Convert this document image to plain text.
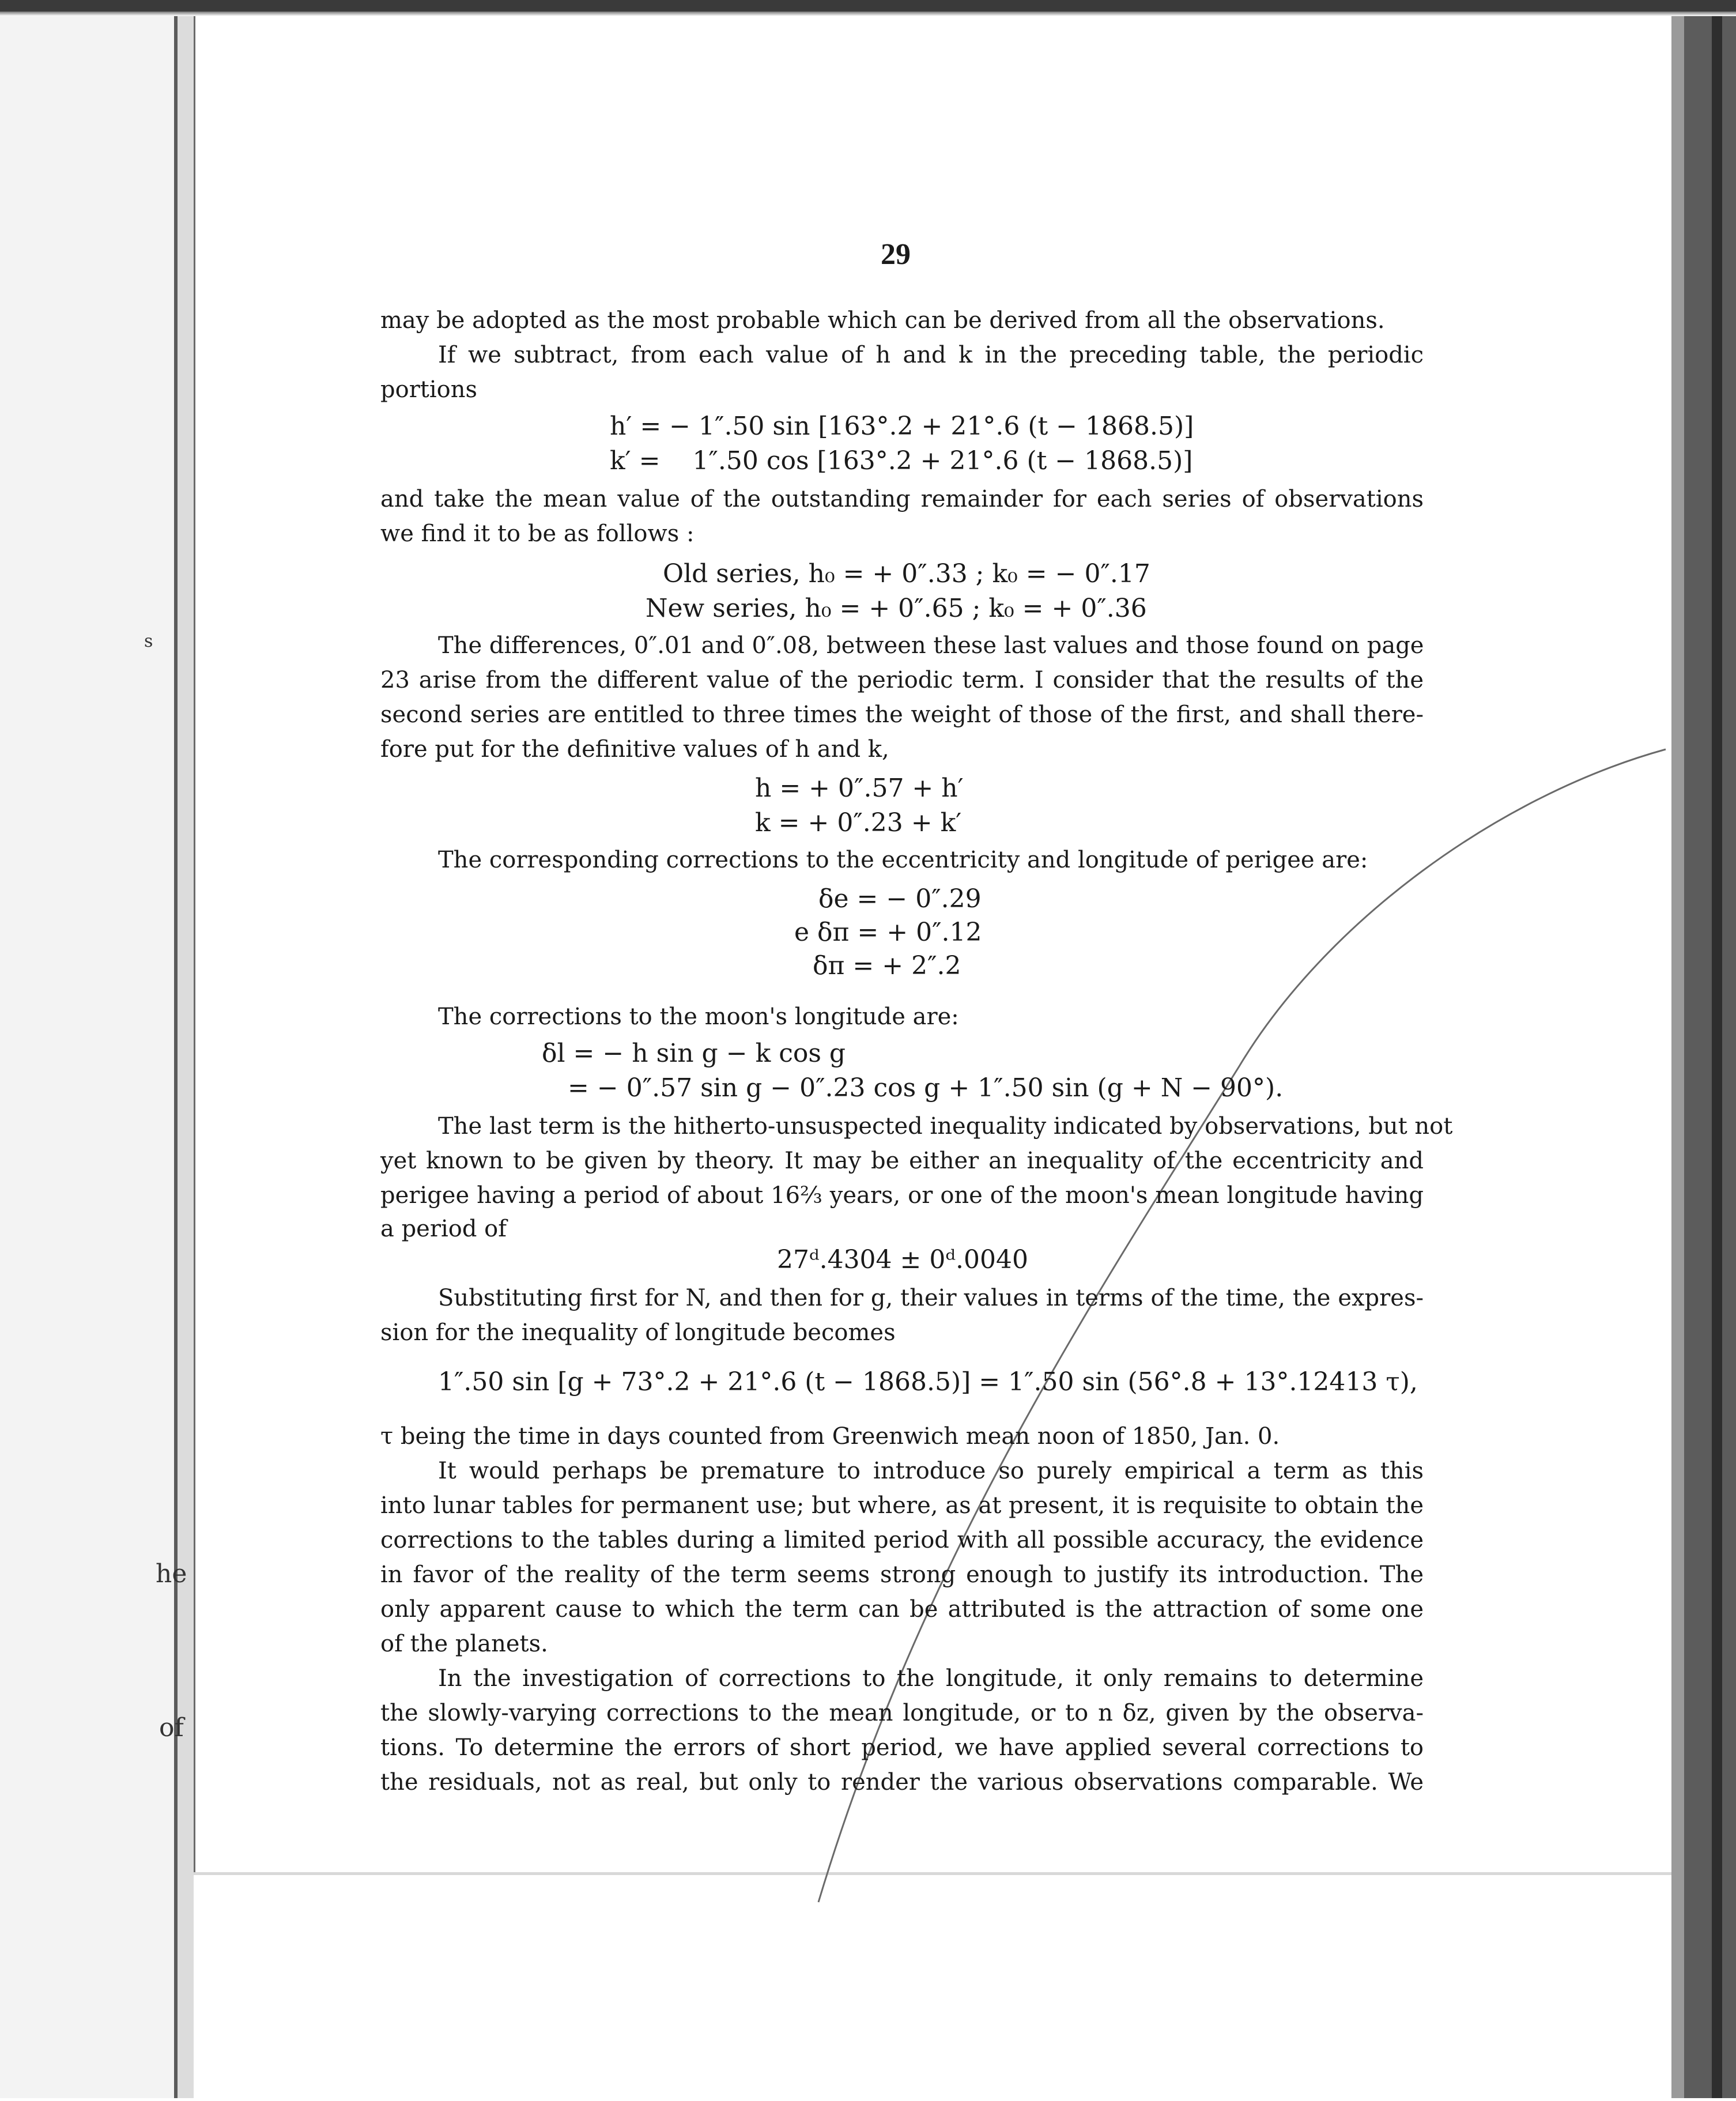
s
he
of
29
may be adopted as the most probable which can be derived from all the observations.
If we subtract, from each value of h and k in the preceding table, the periodic
portions
h′ = − 1″.50 sin [163°.2 + 21°.6 (t − 1868.5)]
k′ =    1″.50 cos [163°.2 + 21°.6 (t − 1868.5)]
and take the mean value of the outstanding remainder for each series of observations
we find it to be as follows :
Old series, h₀ = + 0″.33 ; k₀ = − 0″.17
New series, h₀ = + 0″.65 ; k₀ = + 0″.36
The differences, 0″.01 and 0″.08, between these last values and those found on page
23 arise from the different value of the periodic term. I consider that the results of the
second series are entitled to three times the weight of those of the first, and shall there-
fore put for the definitive values of h and k,
h = + 0″.57 + h′
k = + 0″.23 + k′
The corresponding corrections to the eccentricity and longitude of perigee are:
δe = − 0″.29
e δπ = + 0″.12
δπ = + 2″.2
The corrections to the moon's longitude are:
δl = − h sin g − k cos g
= − 0″.57 sin g − 0″.23 cos g + 1″.50 sin (g + N − 90°).
The last term is the hitherto-unsuspected inequality indicated by observations, but not
yet known to be given by theory. It may be either an inequality of the eccentricity and
perigee having a period of about 16⅔ years, or one of the moon's mean longitude having
a period of
27ᵈ.4304 ± 0ᵈ.0040
Substituting first for N, and then for g, their values in terms of the time, the expres-
sion for the inequality of longitude becomes
1″.50 sin [g + 73°.2 + 21°.6 (t − 1868.5)] = 1″.50 sin (56°.8 + 13°.12413 τ),
τ being the time in days counted from Greenwich mean noon of 1850, Jan. 0.
It would perhaps be premature to introduce so purely empirical a term as this
into lunar tables for permanent use; but where, as at present, it is requisite to obtain the
corrections to the tables during a limited period with all possible accuracy, the evidence
in favor of the reality of the term seems strong enough to justify its introduction. The
only apparent cause to which the term can be attributed is the attraction of some one
of the planets.
In the investigation of corrections to the longitude, it only remains to determine
the slowly-varying corrections to the mean longitude, or to n δz, given by the observa-
tions. To determine the errors of short period, we have applied several corrections to
the residuals, not as real, but only to render the various observations comparable. We
